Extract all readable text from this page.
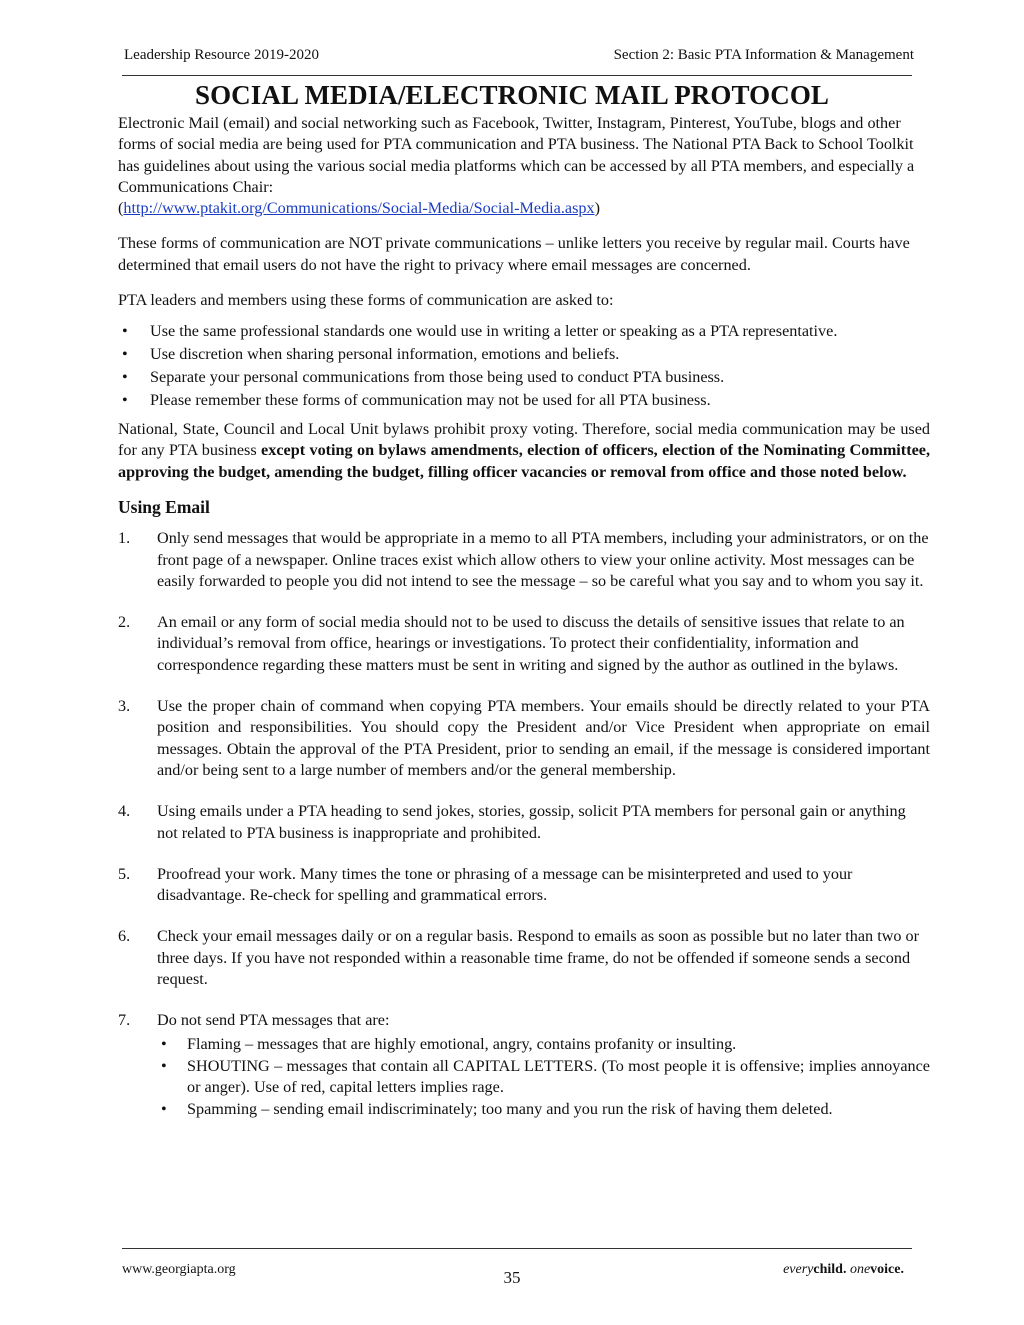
Leadership Resource 2019-2020	Section 2: Basic PTA Information & Management
SOCIAL MEDIA/ELECTRONIC MAIL PROTOCOL

Electronic Mail (email) and social networking such as Facebook, Twitter, Instagram, Pinterest, YouTube, blogs and other forms of social media are being used for PTA communication and PTA business. The National PTA Back to School Toolkit has guidelines about using the various social media platforms which can be accessed by all PTA members, and especially a Communications Chair:
(http://www.ptakit.org/Communications/Social-Media/Social-Media.aspx)

These forms of communication are NOT private communications – unlike letters you receive by regular mail. Courts have determined that email users do not have the right to privacy where email messages are concerned.

PTA leaders and members using these forms of communication are asked to:

• Use the same professional standards one would use in writing a letter or speaking as a PTA representative.
• Use discretion when sharing personal information, emotions and beliefs.
• Separate your personal communications from those being used to conduct PTA business.
• Please remember these forms of communication may not be used for all PTA business.

National, State, Council and Local Unit bylaws prohibit proxy voting. Therefore, social media communication may be used for any PTA business except voting on bylaws amendments, election of officers, election of the Nominating Committee, approving the budget, amending the budget, filling officer vacancies or removal from office and those noted below.

Using Email
1. Only send messages that would be appropriate in a memo to all PTA members, including your administrators, or on the front page of a newspaper. Online traces exist which allow others to view your online activity. Most messages can be easily forwarded to people you did not intend to see the message – so be careful what you say and to whom you say it.
2. An email or any form of social media should not to be used to discuss the details of sensitive issues that relate to an individual’s removal from office, hearings or investigations. To protect their confidentiality, information and correspondence regarding these matters must be sent in writing and signed by the author as outlined in the bylaws.
3. Use the proper chain of command when copying PTA members. Your emails should be directly related to your PTA position and responsibilities. You should copy the President and/or Vice President when appropriate on email messages. Obtain the approval of the PTA President, prior to sending an email, if the message is considered important and/or being sent to a large number of members and/or the general membership.
4. Using emails under a PTA heading to send jokes, stories, gossip, solicit PTA members for personal gain or anything not related to PTA business is inappropriate and prohibited.
5. Proofread your work. Many times the tone or phrasing of a message can be misinterpreted and used to your disadvantage. Re-check for spelling and grammatical errors.
6. Check your email messages daily or on a regular basis. Respond to emails as soon as possible but no later than two or three days. If you have not responded within a reasonable time frame, do not be offended if someone sends a second request.
7. Do not send PTA messages that are:
• Flaming – messages that are highly emotional, angry, contains profanity or insulting.
• SHOUTING – messages that contain all CAPITAL LETTERS. (To most people it is offensive; implies annoyance or anger). Use of red, capital letters implies rage.
• Spamming – sending email indiscriminately; too many and you run the risk of having them deleted.
www.georgiapta.org	35	everychild. onevoice.
